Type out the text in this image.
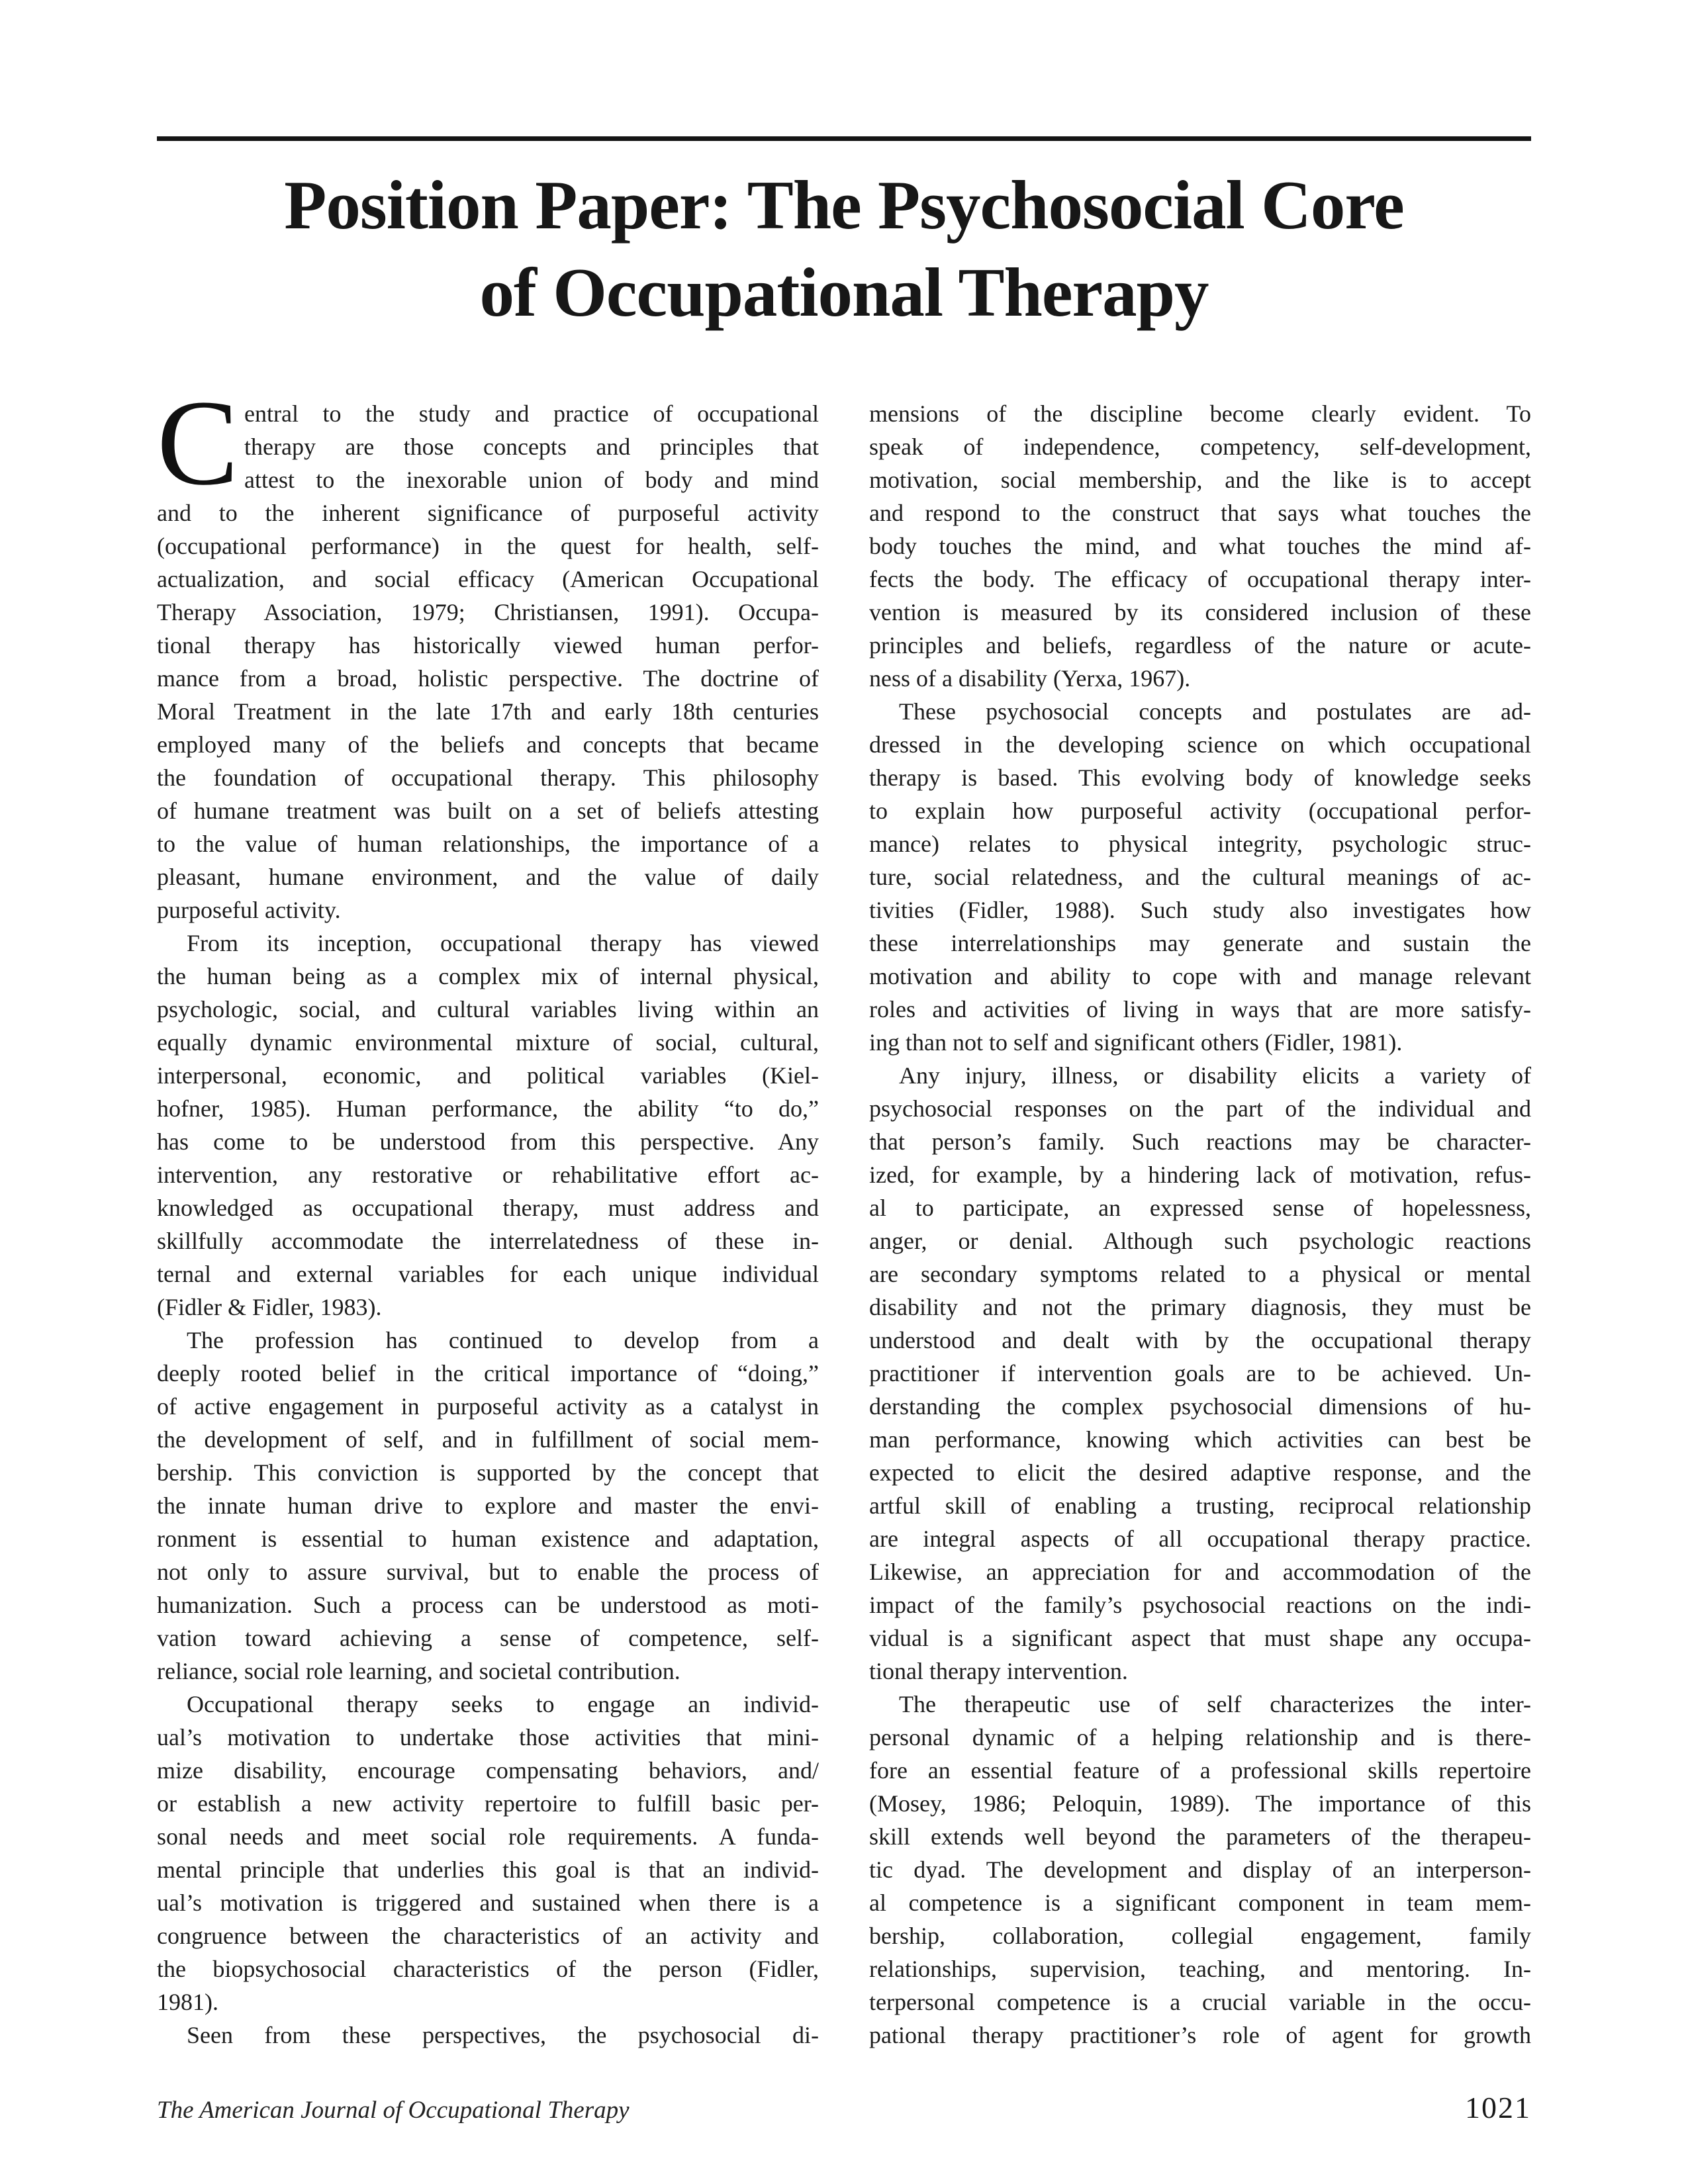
Position Paper: The Psychosocial Core
of Occupational Therapy
C entral to the study and practice of occupational
therapy are those concepts and principles that
attest to the inexorable union of body and mind
and to the inherent significance of purposeful activity
(occupational performance) in the quest for health, self-
actualization, and social efficacy (American Occupational
Therapy Association, 1979; Christiansen, 1991). Occupa-
tional therapy has historically viewed human perfor-
mance from a broad, holistic perspective. The doctrine of
Moral Treatment in the late 17th and early 18th centuries
employed many of the beliefs and concepts that became
the foundation of occupational therapy. This philosophy
of humane treatment was built on a set of beliefs attesting
to the value of human relationships, the importance of a
pleasant, humane environment, and the value of daily
purposeful activity.
From its inception, occupational therapy has viewed
the human being as a complex mix of internal physical,
psychologic, social, and cultural variables living within an
equally dynamic environmental mixture of social, cultural,
interpersonal, economic, and political variables (Kiel-
hofner, 1985). Human performance, the ability “to do,”
has come to be understood from this perspective. Any
intervention, any restorative or rehabilitative effort ac-
knowledged as occupational therapy, must address and
skillfully accommodate the interrelatedness of these in-
ternal and external variables for each unique individual
(Fidler & Fidler, 1983).
The profession has continued to develop from a
deeply rooted belief in the critical importance of “doing,”
of active engagement in purposeful activity as a catalyst in
the development of self, and in fulfillment of social mem-
bership. This conviction is supported by the concept that
the innate human drive to explore and master the envi-
ronment is essential to human existence and adaptation,
not only to assure survival, but to enable the process of
humanization. Such a process can be understood as moti-
vation toward achieving a sense of competence, self-
reliance, social role learning, and societal contribution.
Occupational therapy seeks to engage an individ-
ual’s motivation to undertake those activities that mini-
mize disability, encourage compensating behaviors, and/
or establish a new activity repertoire to fulfill basic per-
sonal needs and meet social role requirements. A funda-
mental principle that underlies this goal is that an individ-
ual’s motivation is triggered and sustained when there is a
congruence between the characteristics of an activity and
the biopsychosocial characteristics of the person (Fidler,
1981).
Seen from these perspectives, the psychosocial di-
mensions of the discipline become clearly evident. To
speak of independence, competency, self-development,
motivation, social membership, and the like is to accept
and respond to the construct that says what touches the
body touches the mind, and what touches the mind af-
fects the body. The efficacy of occupational therapy inter-
vention is measured by its considered inclusion of these
principles and beliefs, regardless of the nature or acute-
ness of a disability (Yerxa, 1967).
These psychosocial concepts and postulates are ad-
dressed in the developing science on which occupational
therapy is based. This evolving body of knowledge seeks
to explain how purposeful activity (occupational perfor-
mance) relates to physical integrity, psychologic struc-
ture, social relatedness, and the cultural meanings of ac-
tivities (Fidler, 1988). Such study also investigates how
these interrelationships may generate and sustain the
motivation and ability to cope with and manage relevant
roles and activities of living in ways that are more satisfy-
ing than not to self and significant others (Fidler, 1981).
Any injury, illness, or disability elicits a variety of
psychosocial responses on the part of the individual and
that person’s family. Such reactions may be character-
ized, for example, by a hindering lack of motivation, refus-
al to participate, an expressed sense of hopelessness,
anger, or denial. Although such psychologic reactions
are secondary symptoms related to a physical or mental
disability and not the primary diagnosis, they must be
understood and dealt with by the occupational therapy
practitioner if intervention goals are to be achieved. Un-
derstanding the complex psychosocial dimensions of hu-
man performance, knowing which activities can best be
expected to elicit the desired adaptive response, and the
artful skill of enabling a trusting, reciprocal relationship
are integral aspects of all occupational therapy practice.
Likewise, an appreciation for and accommodation of the
impact of the family’s psychosocial reactions on the indi-
vidual is a significant aspect that must shape any occupa-
tional therapy intervention.
The therapeutic use of self characterizes the inter-
personal dynamic of a helping relationship and is there-
fore an essential feature of a professional skills repertoire
(Mosey, 1986; Peloquin, 1989). The importance of this
skill extends well beyond the parameters of the therapeu-
tic dyad. The development and display of an interperson-
al competence is a significant component in team mem-
bership, collaboration, collegial engagement, family
relationships, supervision, teaching, and mentoring. In-
terpersonal competence is a crucial variable in the occu-
pational therapy practitioner’s role of agent for growth
The American Journal of Occupational Therapy	1021
